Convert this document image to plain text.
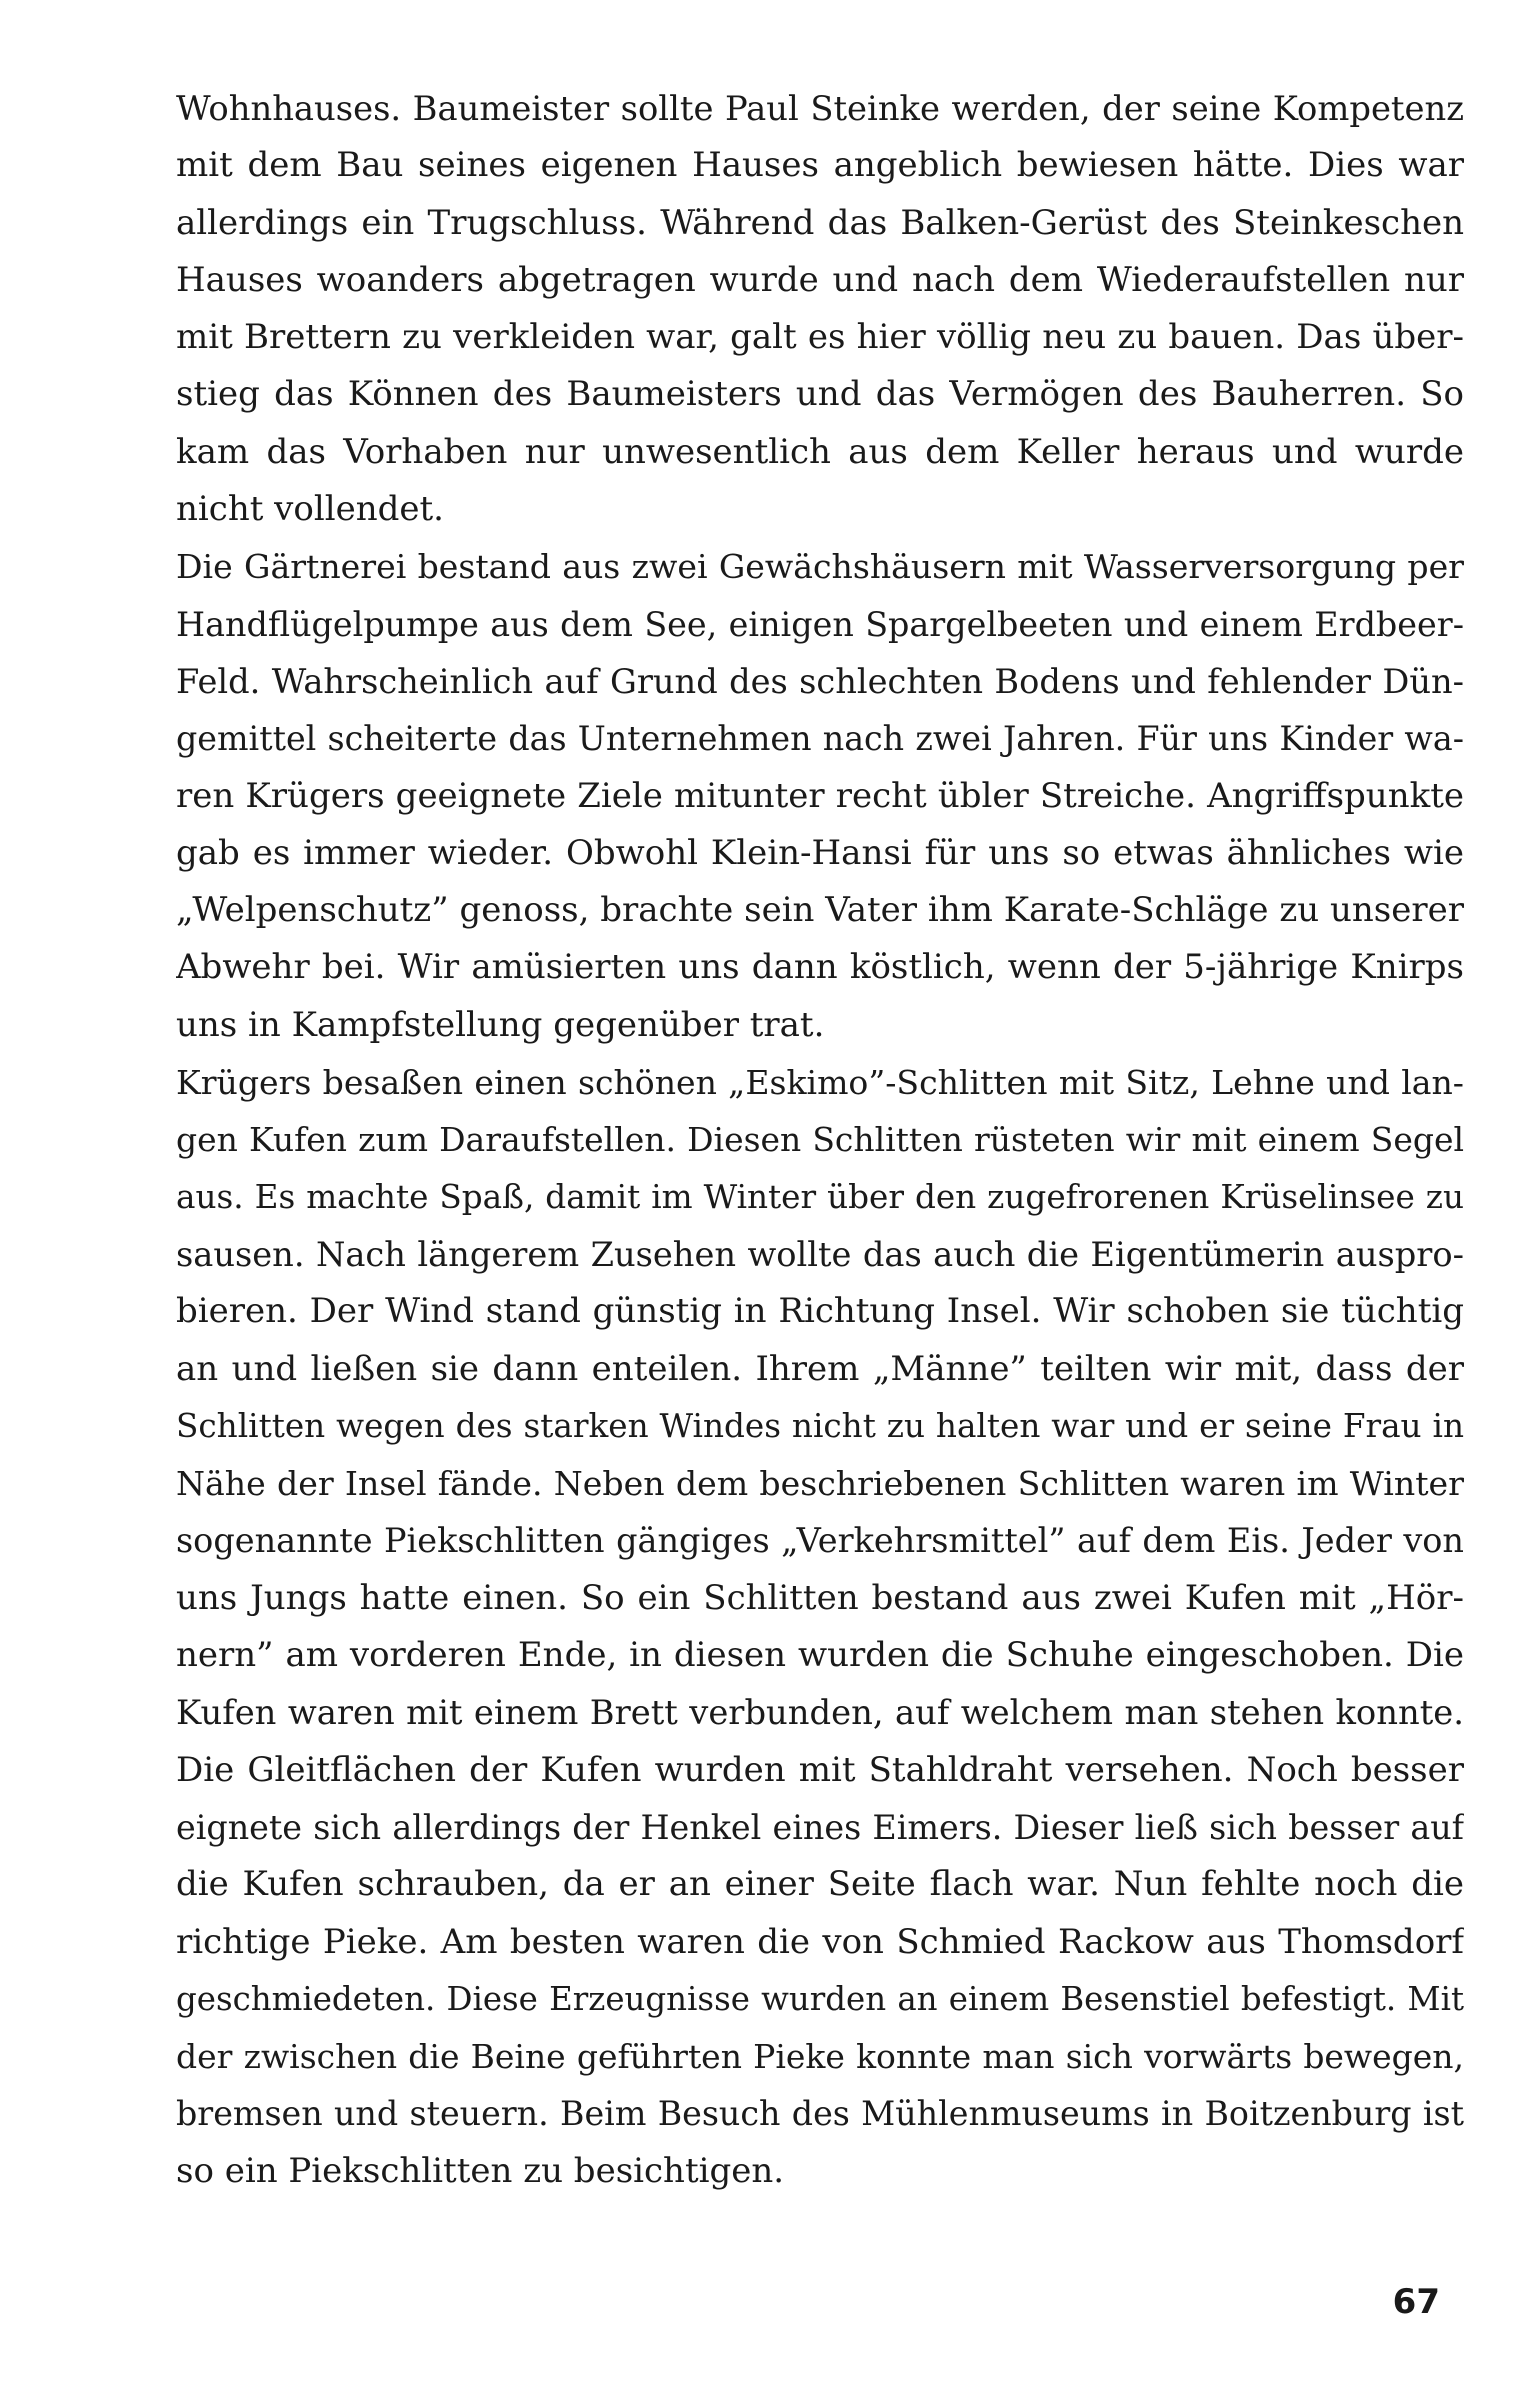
Wohnhauses. Baumeister sollte Paul Steinke werden, der seine Kompetenz
mit dem Bau seines eigenen Hauses angeblich bewiesen hätte. Dies war
allerdings ein Trugschluss. Während das Balken-Gerüst des Steinkeschen
Hauses woanders abgetragen wurde und nach dem Wiederaufstellen nur
mit Brettern zu verkleiden war, galt es hier völlig neu zu bauen. Das über-
stieg das Können des Baumeisters und das Vermögen des Bauherren. So
kam das Vorhaben nur unwesentlich aus dem Keller heraus und wurde
nicht vollendet.
Die Gärtnerei bestand aus zwei Gewächshäusern mit Wasserversorgung per
Handflügelpumpe aus dem See, einigen Spargelbeeten und einem Erdbeer-
Feld. Wahrscheinlich auf Grund des schlechten Bodens und fehlender Dün-
gemittel scheiterte das Unternehmen nach zwei Jahren. Für uns Kinder wa-
ren Krügers geeignete Ziele mitunter recht übler Streiche. Angriffspunkte
gab es immer wieder. Obwohl Klein-Hansi für uns so etwas ähnliches wie
„Welpenschutz” genoss, brachte sein Vater ihm Karate-Schläge zu unserer
Abwehr bei. Wir amüsierten uns dann köstlich, wenn der 5-jährige Knirps
uns in Kampfstellung gegenüber trat.
Krügers besaßen einen schönen „Eskimo”-Schlitten mit Sitz, Lehne und lan-
gen Kufen zum Daraufstellen. Diesen Schlitten rüsteten wir mit einem Segel
aus. Es machte Spaß, damit im Winter über den zugefrorenen Krüselinsee zu
sausen. Nach längerem Zusehen wollte das auch die Eigentümerin auspro-
bieren. Der Wind stand günstig in Richtung Insel. Wir schoben sie tüchtig
an und ließen sie dann enteilen. Ihrem „Männe” teilten wir mit, dass der
Schlitten wegen des starken Windes nicht zu halten war und er seine Frau in
Nähe der Insel fände. Neben dem beschriebenen Schlitten waren im Winter
sogenannte Piekschlitten gängiges „Verkehrsmittel” auf dem Eis. Jeder von
uns Jungs hatte einen. So ein Schlitten bestand aus zwei Kufen mit „Hör-
nern” am vorderen Ende, in diesen wurden die Schuhe eingeschoben. Die
Kufen waren mit einem Brett verbunden, auf welchem man stehen konnte.
Die Gleitflächen der Kufen wurden mit Stahldraht versehen. Noch besser
eignete sich allerdings der Henkel eines Eimers. Dieser ließ sich besser auf
die Kufen schrauben, da er an einer Seite flach war. Nun fehlte noch die
richtige Pieke. Am besten waren die von Schmied Rackow aus Thomsdorf
geschmiedeten. Diese Erzeugnisse wurden an einem Besenstiel befestigt. Mit
der zwischen die Beine geführten Pieke konnte man sich vorwärts bewegen,
bremsen und steuern. Beim Besuch des Mühlenmuseums in Boitzenburg ist
so ein Piekschlitten zu besichtigen.
67
